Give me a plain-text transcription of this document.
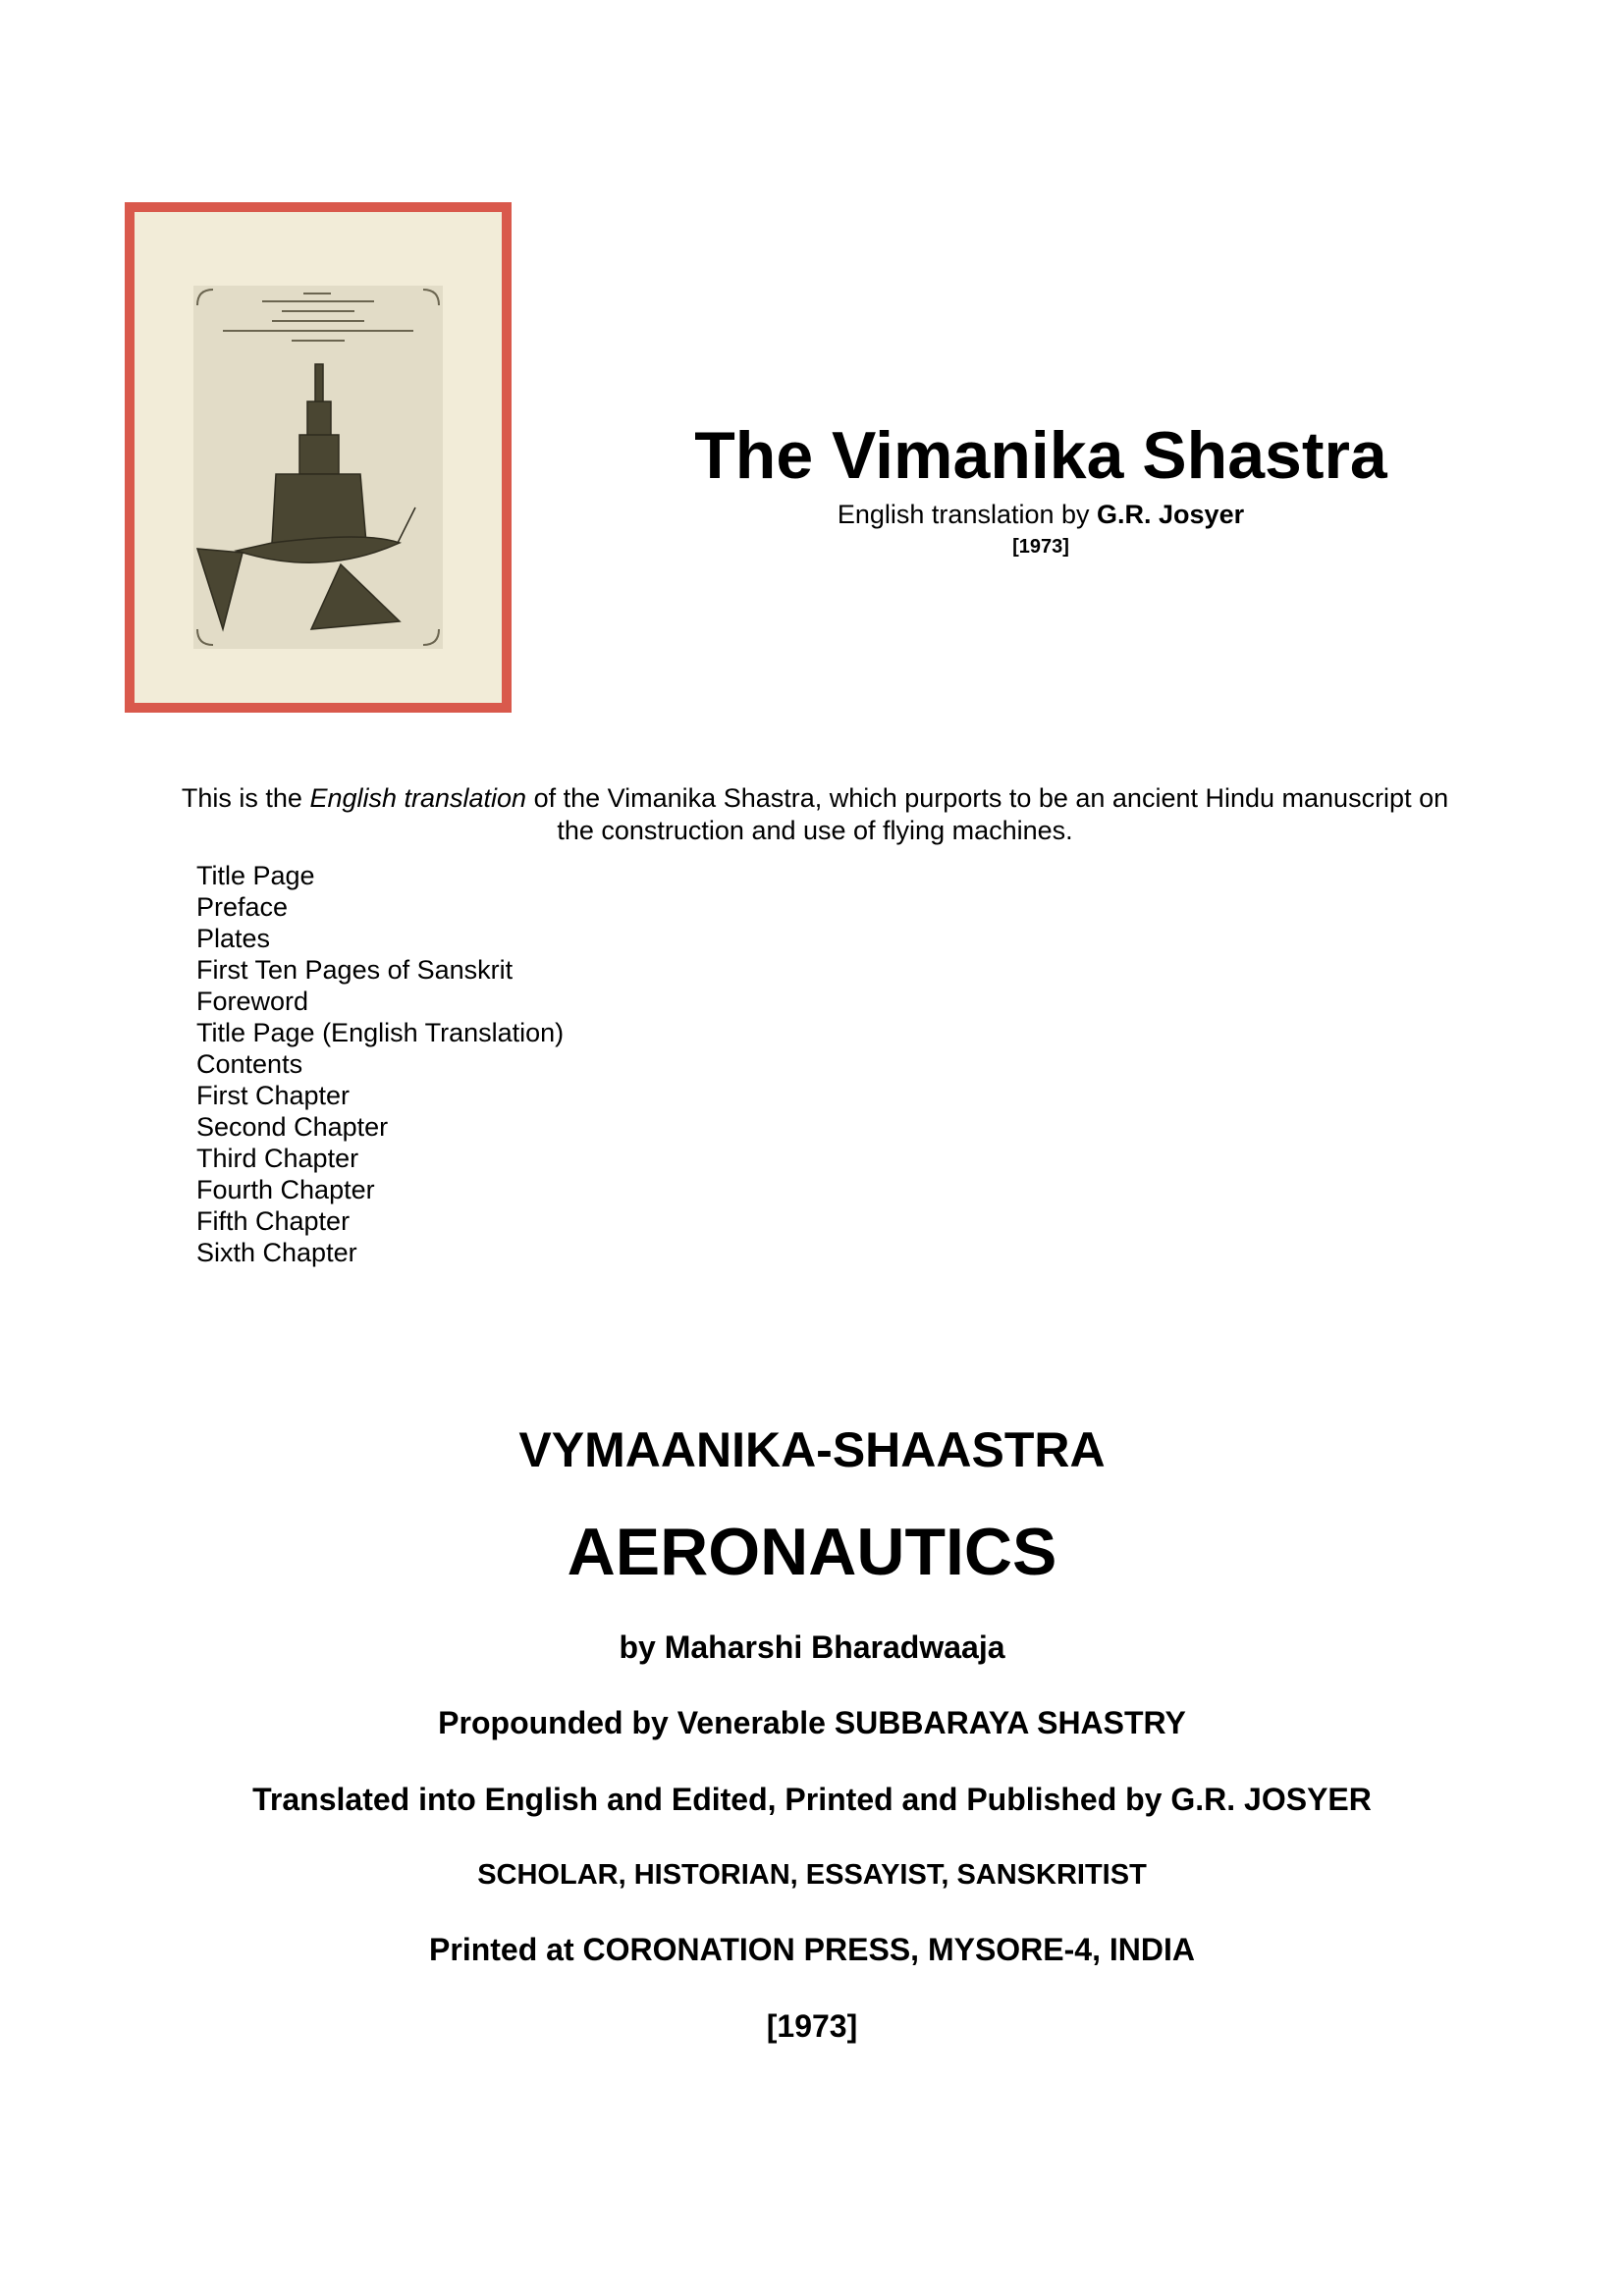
The Vimanika Shastra
English translation by G.R. Josyer
[1973]

This is the English translation of the Vimanika Shastra, which purports to be an ancient Hindu manuscript on the construction and use of flying machines.

Title Page
Preface
Plates
First Ten Pages of Sanskrit
Foreword
Title Page (English Translation)
Contents
First Chapter
Second Chapter
Third Chapter
Fourth Chapter
Fifth Chapter
Sixth Chapter

VYMAANIKA-SHAASTRA

AERONAUTICS

by Maharshi Bharadwaaja

Propounded by Venerable SUBBARAYA SHASTRY

Translated into English and Edited, Printed and Published by G.R. JOSYER

SCHOLAR, HISTORIAN, ESSAYIST, SANSKRITIST

Printed at CORONATION PRESS, MYSORE-4, INDIA

[1973]
